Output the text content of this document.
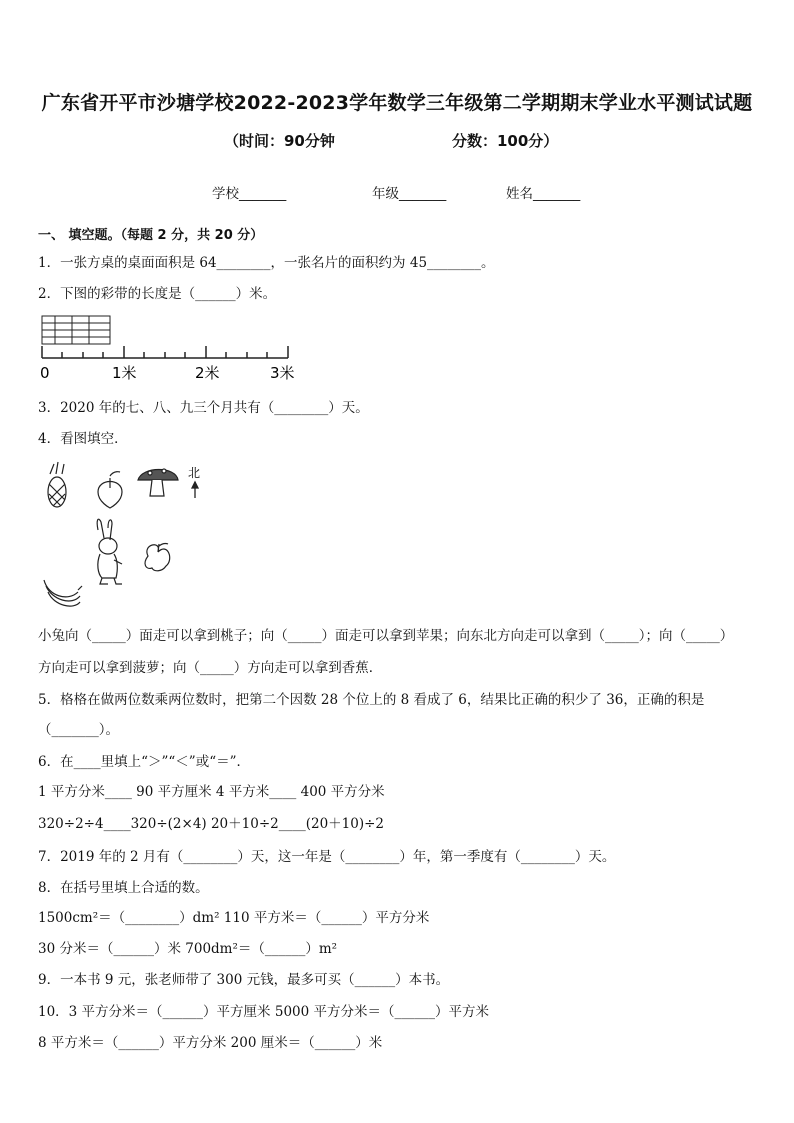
广东省开平市沙塘学校2022-2023学年数学三年级第二学期期末学业水平测试试题
（时间：90分钟	分数：100分）
学校_______	年级_______	姓名_______
一、 填空题。（每题 2 分，共 20 分）
1．一张方桌的桌面面积是 64________，一张名片的面积约为 45________。
2．下图的彩带的长度是（______）米。
0	1米	2米	3米
3．2020 年的七、八、九三个月共有（________）天。
4．看图填空．
北
小兔向（_____）面走可以拿到桃子；向（_____）面走可以拿到苹果；向东北方向走可以拿到（_____）；向（_____）
方向走可以拿到菠萝；向（_____）方向走可以拿到香蕉．
5．格格在做两位数乘两位数时，把第二个因数 28 个位上的 8 看成了 6，结果比正确的积少了 36，正确的积是
（_______）。
6．在____里填上“＞”“＜”或“＝”．
1 平方分米____ 90 平方厘米 4 平方米____ 400 平方分米
320÷2÷4____320÷(2×4) 20＋10÷2____(20＋10)÷2
7．2019 年的 2 月有（________）天，这一年是（________）年，第一季度有（________）天。
8．在括号里填上合适的数。
1500cm²＝（________）dm² 110 平方米＝（______）平方分米
30 分米＝（______）米 700dm²＝（______）m²
9．一本书 9 元，张老师带了 300 元钱，最多可买（______）本书。
10．3 平方分米＝（______）平方厘米 5000 平方分米＝（______）平方米
8 平方米＝（______）平方分米 200 厘米＝（______）米
